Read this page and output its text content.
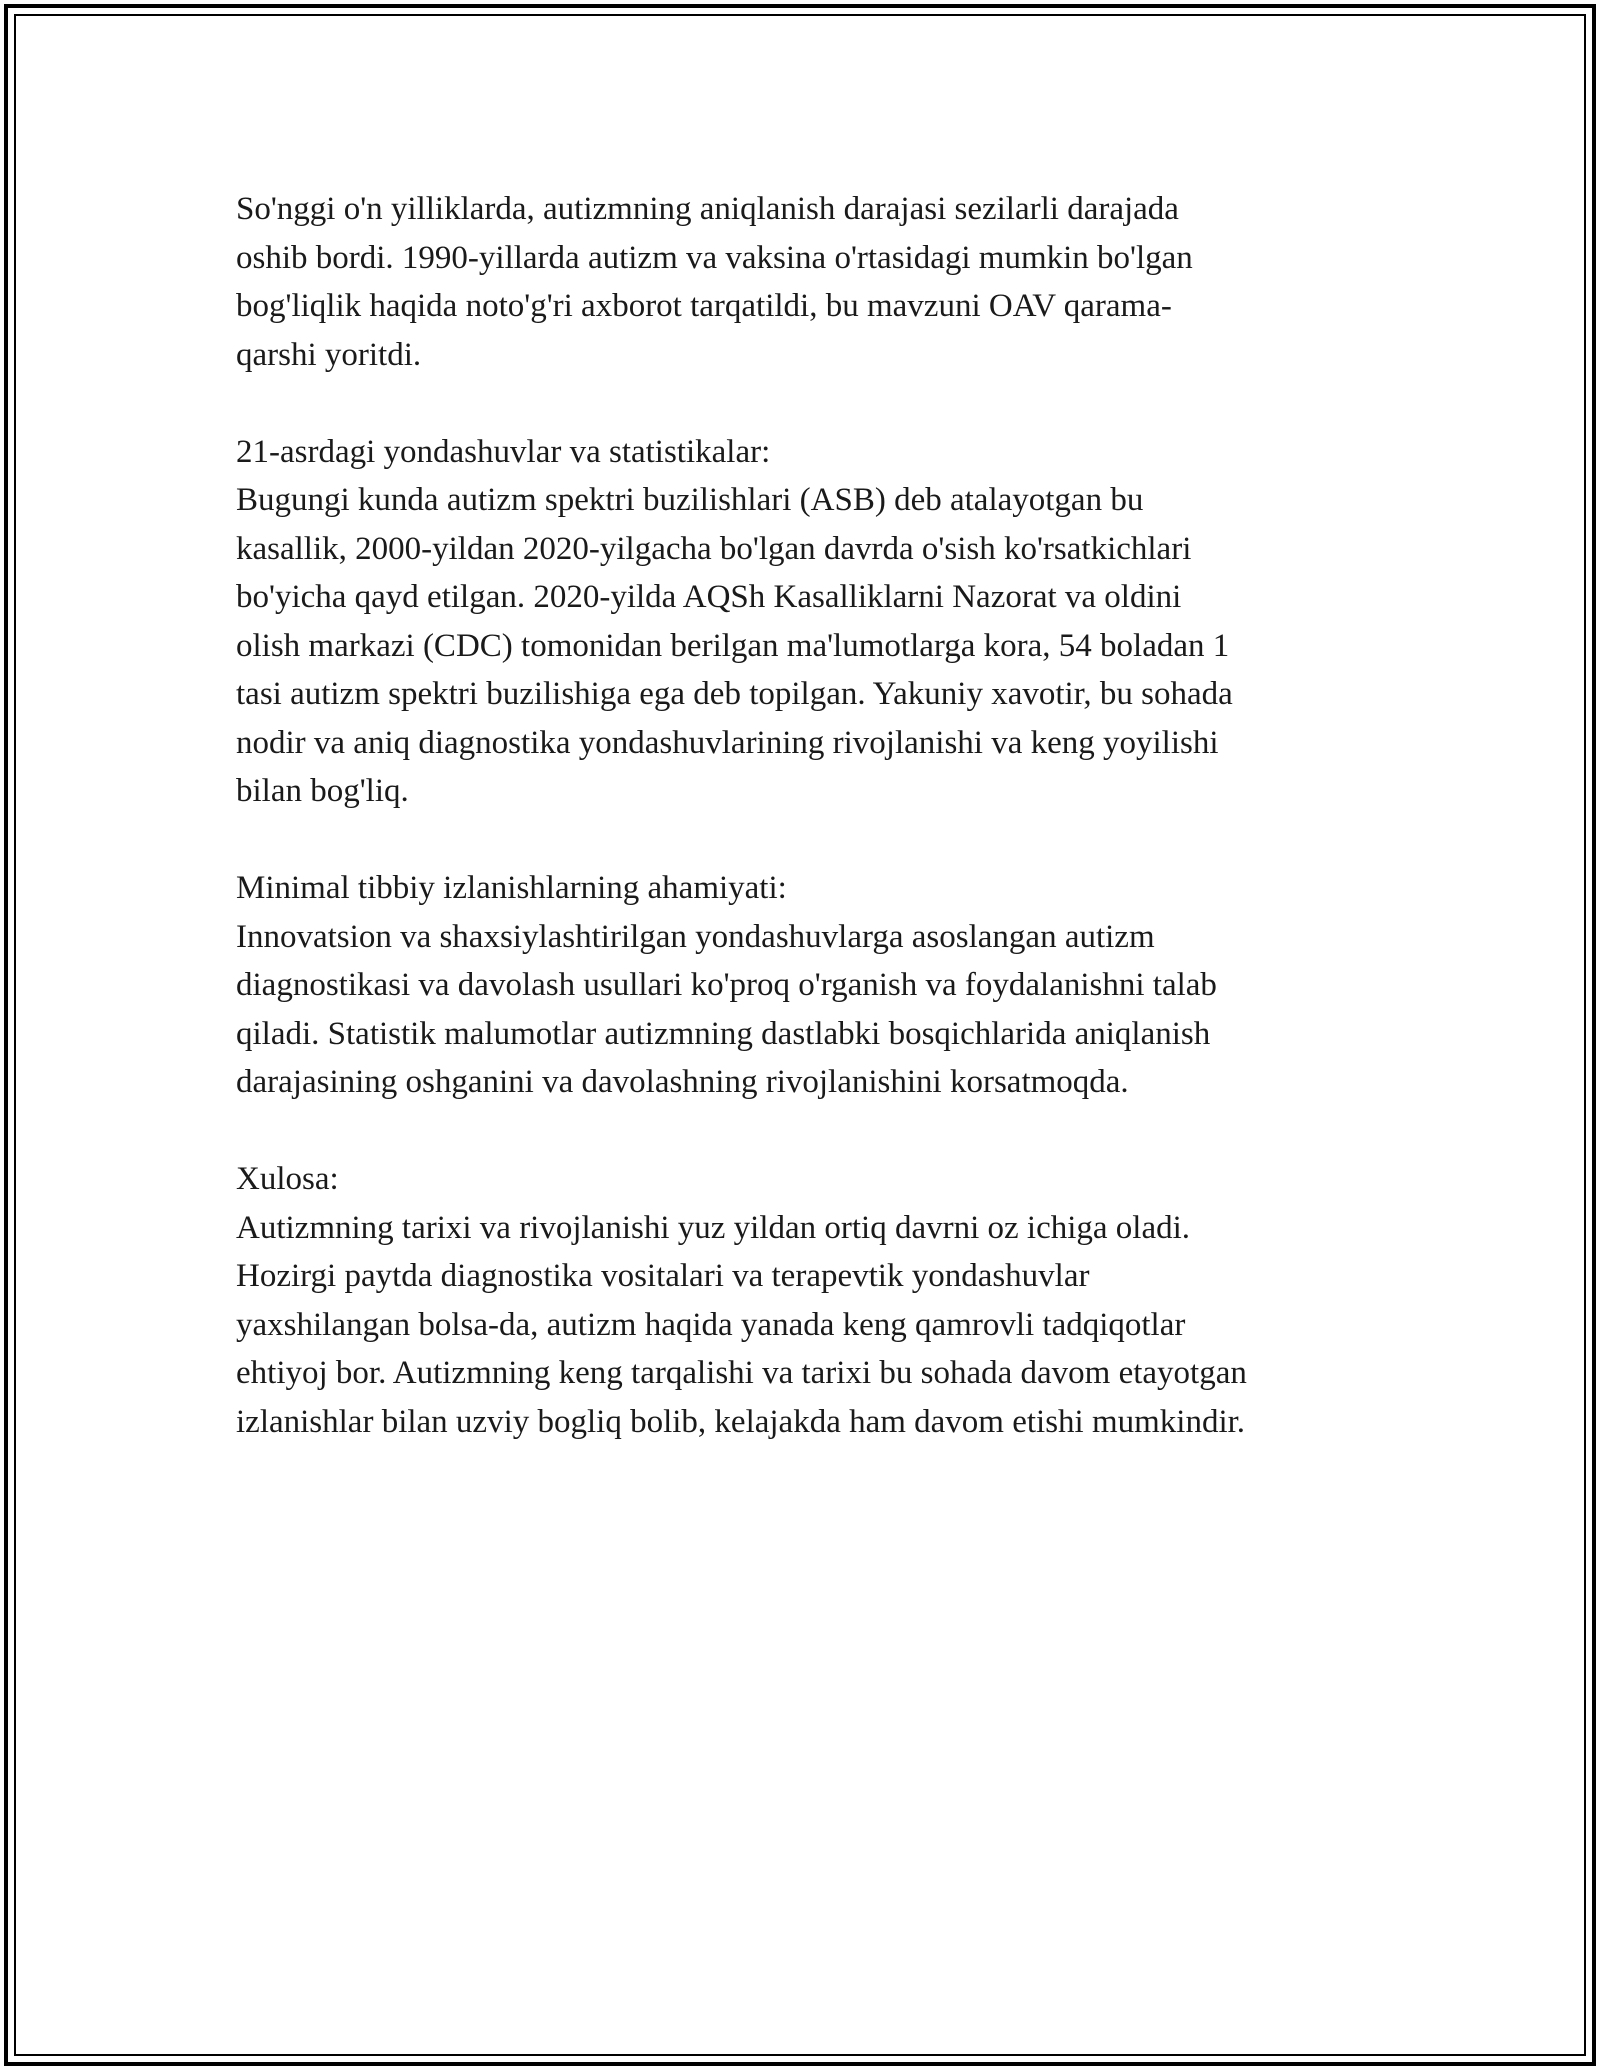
So'nggi o'n yilliklarda, autizmning aniqlanish darajasi sezilarli darajada
oshib bordi. 1990-yillarda autizm va vaksina o'rtasidagi mumkin bo'lgan
bog'liqlik haqida noto'g'ri axborot tarqatildi, bu mavzuni OAV qarama-
qarshi yoritdi.
21-asrdagi yondashuvlar va statistikalar:
Bugungi kunda autizm spektri buzilishlari (ASB) deb atalayotgan bu
kasallik, 2000-yildan 2020-yilgacha bo'lgan davrda o'sish ko'rsatkichlari
bo'yicha qayd etilgan. 2020-yilda AQSh Kasalliklarni Nazorat va oldini
olish markazi (CDC) tomonidan berilgan ma'lumotlarga kora, 54 boladan 1
tasi autizm spektri buzilishiga ega deb topilgan. Yakuniy xavotir, bu sohada
nodir va aniq diagnostika yondashuvlarining rivojlanishi va keng yoyilishi
bilan bog'liq.
Minimal tibbiy izlanishlarning ahamiyati:
Innovatsion va shaxsiylashtirilgan yondashuvlarga asoslangan autizm
diagnostikasi va davolash usullari ko'proq o'rganish va foydalanishni talab
qiladi. Statistik malumotlar autizmning dastlabki bosqichlarida aniqlanish
darajasining oshganini va davolashning rivojlanishini korsatmoqda.
Xulosa:
Autizmning tarixi va rivojlanishi yuz yildan ortiq davrni oz ichiga oladi.
Hozirgi paytda diagnostika vositalari va terapevtik yondashuvlar
yaxshilangan bolsa-da, autizm haqida yanada keng qamrovli tadqiqotlar
ehtiyoj bor. Autizmning keng tarqalishi va tarixi bu sohada davom etayotgan
izlanishlar bilan uzviy bogliq bolib, kelajakda ham davom etishi mumkindir.
